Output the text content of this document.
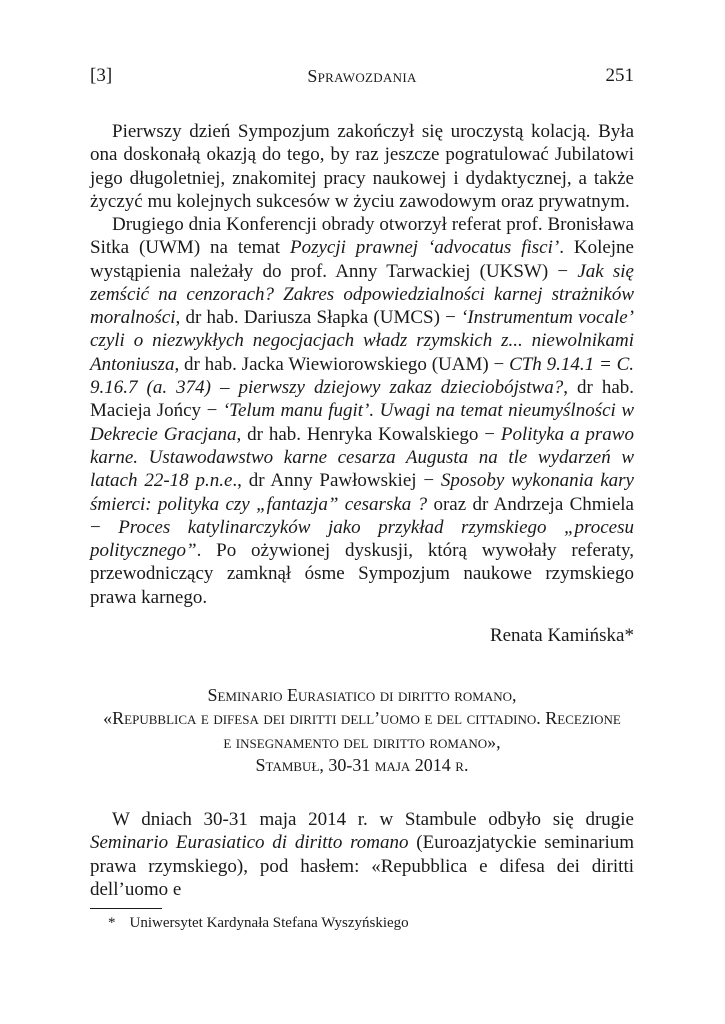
[3]	Sprawozdania	251

Pierwszy dzień Sympozjum zakończył się uroczystą kolacją. Była ona doskonałą okazją do tego, by raz jeszcze pogratulować Jubilatowi jego długoletniej, znakomitej pracy naukowej i dydaktycznej, a także życzyć mu kolejnych sukcesów w życiu zawodowym oraz prywatnym.

Drugiego dnia Konferencji obrady otworzył referat prof. Bronisława Sitka (UWM) na temat Pozycji prawnej ‘advocatus fisci’. Kolejne wystąpienia należały do prof. Anny Tarwackiej (UKSW) − Jak się zemścić na cenzorach? Zakres odpowiedzialności karnej strażników moralności, dr hab. Dariusza Słapka (UMCS) − ‘Instrumentum vocale’ czyli o niezwykłych negocjacjach władz rzymskich z... niewolnikami Antoniusza, dr hab. Jacka Wiewiorowskiego (UAM) − CTh 9.14.1 = C. 9.16.7 (a. 374) – pierwszy dziejowy zakaz dzieciobójstwa?, dr hab. Macieja Jońcy − ‘Telum manu fugit’. Uwagi na temat nieumyślności w Dekrecie Gracjana, dr hab. Henryka Kowalskiego − Polityka a prawo karne. Ustawodawstwo karne cesarza Augusta na tle wydarzeń w latach 22-18 p.n.e., dr Anny Pawłowskiej − Sposoby wykonania kary śmierci: polityka czy „fantazja” cesarska ? oraz dr Andrzeja Chmiela − Proces katylinarczyków jako przykład rzymskiego „procesu politycznego”. Po ożywionej dyskusji, którą wywołały referaty, przewodniczący zamknął ósme Sympozjum naukowe rzymskiego prawa karnego.

Renata Kamińska*
Seminario Eurasiatico di diritto romano,
«Repubblica e difesa dei diritti dell’uomo e del cittadino. Recezione
e insegnamento del diritto romano»,
Stambuł, 30-31 maja 2014 r.

W dniach 30-31 maja 2014 r. w Stambule odbyło się drugie Seminario Eurasiatico di diritto romano (Euroazjatyckie seminarium prawa rzymskiego), pod hasłem: «Repubblica e difesa dei diritti dell’uomo e

* Uniwersytet Kardynała Stefana Wyszyńskiego
